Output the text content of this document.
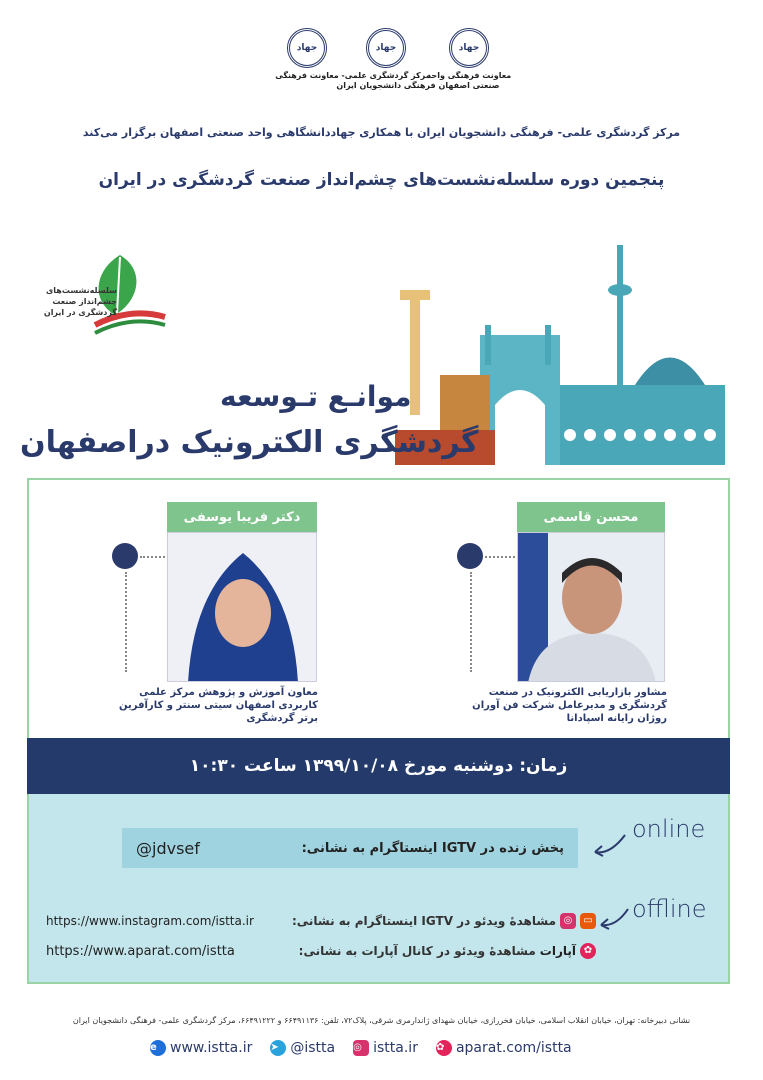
جهاد
معاونت فرهنگی
جهاد
مرکز گردشگری علمی-فرهنگی دانشجویان ایران
جهاد
معاونت فرهنگی واحد صنعتی اصفهان
مرکز گردشگری علمی- فرهنگی دانشجویان ایران با همکاری جهاددانشگاهی واحد صنعتی اصفهان برگزار می‌کند
پنجمین دوره سلسله‌نشست‌های چشم‌انداز صنعت گردشگری در ایران
سلسله‌نشست‌های چشم‌انداز صنعت گردشگری در ایران
موانـع تـوسعه
گردشگری الکترونیک دراصفهان
دکتر فریبا یوسفی
معاون آموزش و پژوهش مرکز علمی کاربردی اصفهان سیتی سنتر و کارآفرین برتر گردشگری
محسن قاسمی
مشاور بازاریابی الکترونیک در صنعت گردشگری و مدیرعامل شرکت فن آوران روژان رایانه اسپادانا
زمان: دوشنبه مورخ ۱۳۹۹/۱۰/۰۸ ساعت ۱۰:۳۰
@jdvsef	پخش زنده در IGTV اینستاگرام به نشانی:
online
offline
https://www.instagram.com/istta.ir	مشاهدهٔ ویدئو در IGTV اینستاگرام به نشانی: ◎	▭
https://www.aparat.com/istta	مشاهدهٔ ویدئو در کانال آپارات به نشانی: آپارات ✿
نشانی دبیرخانه: تهران، خیابان انقلاب اسلامی، خیابان فخررازی، خیابان شهدای ژاندارمری شرقی، پلاک۷۲، تلفن: ۶۶۴۹۱۱۳۶ و ۶۶۴۹۱۲۲۲، مرکز گردشگری علمی- فرهنگی دانشجویان ایران
e www.istta.ir ➤ @istta ◎ istta.ir ✿ aparat.com/istta
